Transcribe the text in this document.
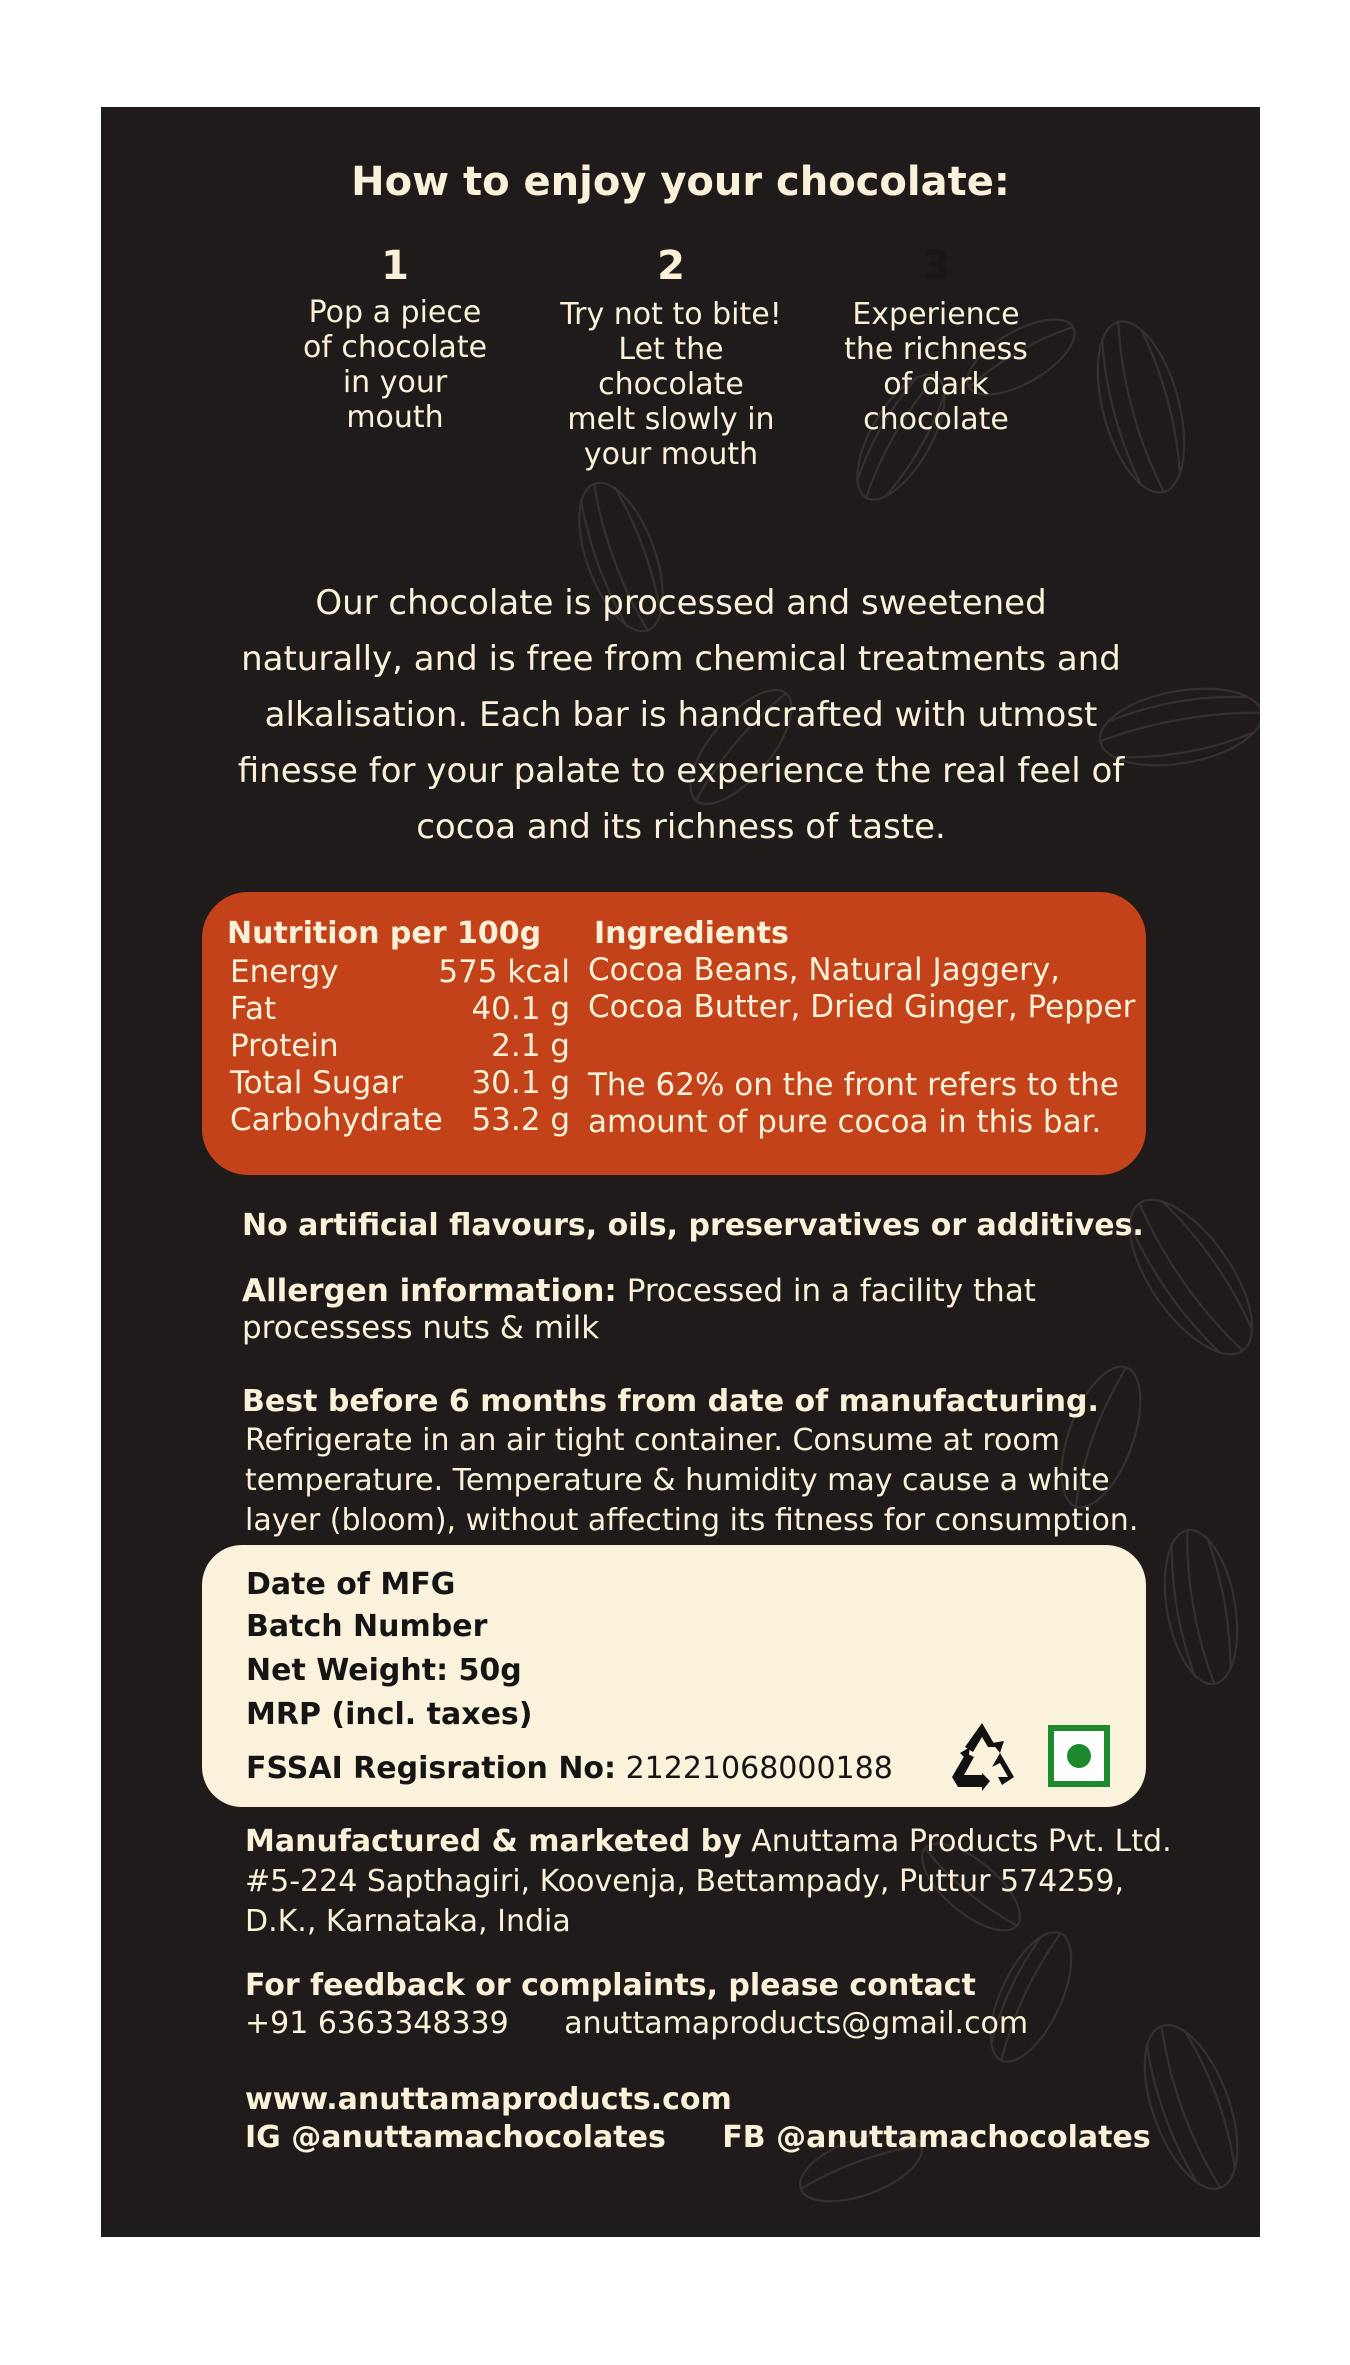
How to enjoy your chocolate:
1
Pop a piece
of chocolate
in your
mouth
2
Try not to bite!
Let the chocolate
melt slowly in
your mouth
3
Experience
the richness
of dark
chocolate
Our chocolate is processed and sweetened
naturally, and is free from chemical treatments and
alkalisation. Each bar is handcrafted with utmost
finesse for your palate to experience the real feel of
cocoa and its richness of taste.
Nutrition per 100g
Energy	575 kcal
Fat	40.1 g
Protein	2.1 g
Total Sugar 30.1 g
Carbohydrate 53.2 g
Ingredients
Cocoa Beans, Natural Jaggery,
Cocoa Butter, Dried Ginger, Pepper
The 62% on the front refers to the
amount of pure cocoa in this bar.
No artificial flavours, oils, preservatives or additives.
Allergen information: Processed in a facility that
processess nuts & milk
Best before 6 months from date of manufacturing.
Refrigerate in an air tight container. Consume at room
temperature. Temperature & humidity may cause a white
layer (bloom), without affecting its fitness for consumption.
Date of MFG
Batch Number
Net Weight: 50g
MRP (incl. taxes)
FSSAI Regisration No: 21221068000188
Manufactured & marketed by Anuttama Products Pvt. Ltd.
#5-224 Sapthagiri, Koovenja, Bettampady, Puttur 574259,
D.K., Karnataka, India
For feedback or complaints, please contact
+91 6363348339 anuttamaproducts@gmail.com
www.anuttamaproducts.com
IG @anuttamachocolates FB @anuttamachocolates
